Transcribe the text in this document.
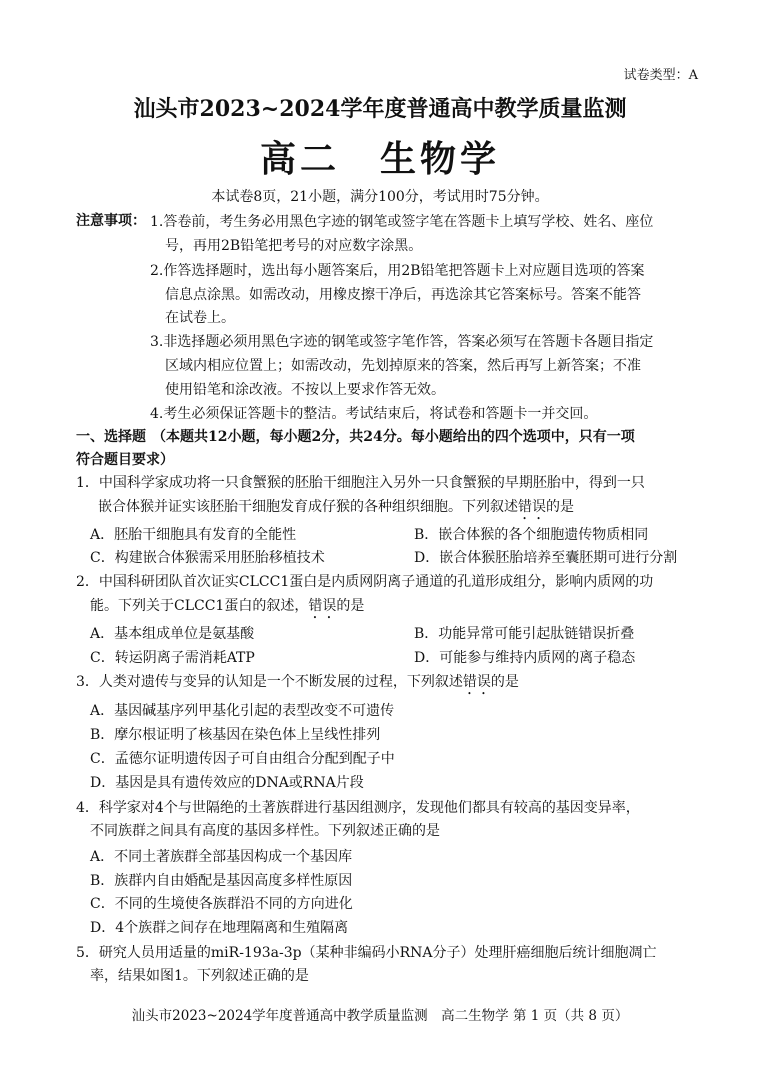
试卷类型：A
汕头市2023~2024学年度普通高中教学质量监测
高二　生物学
本试卷8页，21小题，满分100分，考试用时75分钟。
注意事项： 1.答卷前，考生务必用黑色字迹的钢笔或签字笔在答题卡上填写学校、姓名、座位
号，再用2B铅笔把考号的对应数字涂黑。
2.作答选择题时，选出每小题答案后，用2B铅笔把答题卡上对应题目选项的答案
信息点涂黑。如需改动，用橡皮擦干净后，再选涂其它答案标号。答案不能答
在试卷上。
3.非选择题必须用黑色字迹的钢笔或签字笔作答，答案必须写在答题卡各题目指定
区域内相应位置上；如需改动，先划掉原来的答案，然后再写上新答案；不准
使用铅笔和涂改液。不按以上要求作答无效。
4.考生必须保证答题卡的整洁。考试结束后，将试卷和答题卡一并交回。
一、选择题 （本题共12小题，每小题2分，共24分。每小题给出的四个选项中，只有一项
符合题目要求）
1．中国科学家成功将一只食蟹猴的胚胎干细胞注入另外一只食蟹猴的早期胚胎中，得到一只
嵌合体猴并证实该胚胎干细胞发育成仔猴的各种组织细胞。下列叙述错误的是
A．胚胎干细胞具有发育的全能性	B．嵌合体猴的各个细胞遗传物质相同
C．构建嵌合体猴需采用胚胎移植技术	D．嵌合体猴胚胎培养至囊胚期可进行分割
2．中国科研团队首次证实CLCC1蛋白是内质网阴离子通道的孔道形成组分，影响内质网的功
能。下列关于CLCC1蛋白的叙述，错误的是
A．基本组成单位是氨基酸	B．功能异常可能引起肽链错误折叠
C．转运阴离子需消耗ATP	D．可能参与维持内质网的离子稳态
3．人类对遗传与变异的认知是一个不断发展的过程，下列叙述错误的是
A．基因碱基序列甲基化引起的表型改变不可遗传
B．摩尔根证明了核基因在染色体上呈线性排列
C．孟德尔证明遗传因子可自由组合分配到配子中
D．基因是具有遗传效应的DNA或RNA片段
4．科学家对4个与世隔绝的土著族群进行基因组测序，发现他们都具有较高的基因变异率，
不同族群之间具有高度的基因多样性。下列叙述正确的是
A．不同土著族群全部基因构成一个基因库
B．族群内自由婚配是基因高度多样性原因
C．不同的生境使各族群沿不同的方向进化
D．4个族群之间存在地理隔离和生殖隔离
5．研究人员用适量的miR-193a-3p（某种非编码小RNA分子）处理肝癌细胞后统计细胞凋亡
率，结果如图1。下列叙述正确的是
汕头市2023~2024学年度普通高中教学质量监测　高二生物学 第 1 页（共 8 页）
